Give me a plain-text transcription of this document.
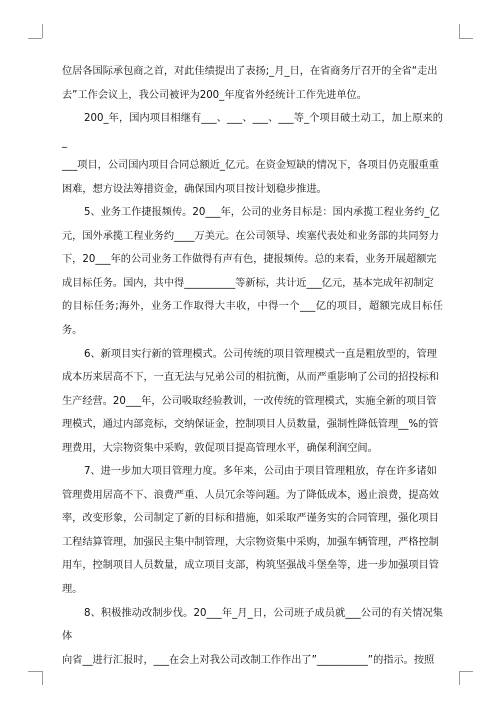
位居各国际承包商之首，对此佳绩提出了表扬;_月_日，在省商务厅召开的全省“走出
去”工作会议上，我公司被评为200_年度省外经统计工作先进单位。

200_年，国内项目相继有___、___、___、___等_个项目破土动工，加上原来的_
___项目，公司国内项目合同总额近_亿元。在资金短缺的情况下，各项目仍克服重重
困难，想方设法筹措资金，确保国内项目按计划稳步推进。

5、业务工作捷报频传。20___年，公司的业务目标是：国内承揽工程业务约_亿
元，国外承揽工程业务约____万美元。在公司领导、埃塞代表处和业务部的共同努力
下，20___年的公司业务工作做得有声有色，捷报频传。总的来看，业务开展超额完
成目标任务。国内，共中得__________等新标，共计近___亿元，基本完成年初制定
的目标任务;海外，业务工作取得大丰收，中得一个___亿的项目，超额完成目标任务。

6、新项目实行新的管理模式。公司传统的项目管理模式一直是粗放型的，管理
成本历来居高不下，一直无法与兄弟公司的相抗衡，从而严重影响了公司的招投标和
生产经营。20___年，公司吸取经验教训，一改传统的管理模式，实施全新的项目管
理模式，通过内部竞标，交纳保证金，控制项目人员数量，强制性降低管理__%的管
理费用，大宗物资集中采购，敦促项目提高管理水平，确保利润空间。

7、进一步加大项目管理力度。多年来，公司由于项目管理粗放，存在许多诸如
管理费用居高不下、浪费严重、人员冗余等问题。为了降低成本，遏止浪费，提高效
率，改变形象，公司制定了新的目标和措施，如采取严谨务实的合同管理，强化项目
工程结算管理，加强民主集中制管理，大宗物资集中采购，加强车辆管理，严格控制
用车，控制项目人员数量，成立项目支部，构筑坚强战斗堡垒等，进一步加强项目管
理。

8、积极推动改制步伐。20___年_月_日，公司班子成员就___公司的有关情况集体
向省__进行汇报时，___在会上对我公司改制工作作出了”__________”的指示。按照
